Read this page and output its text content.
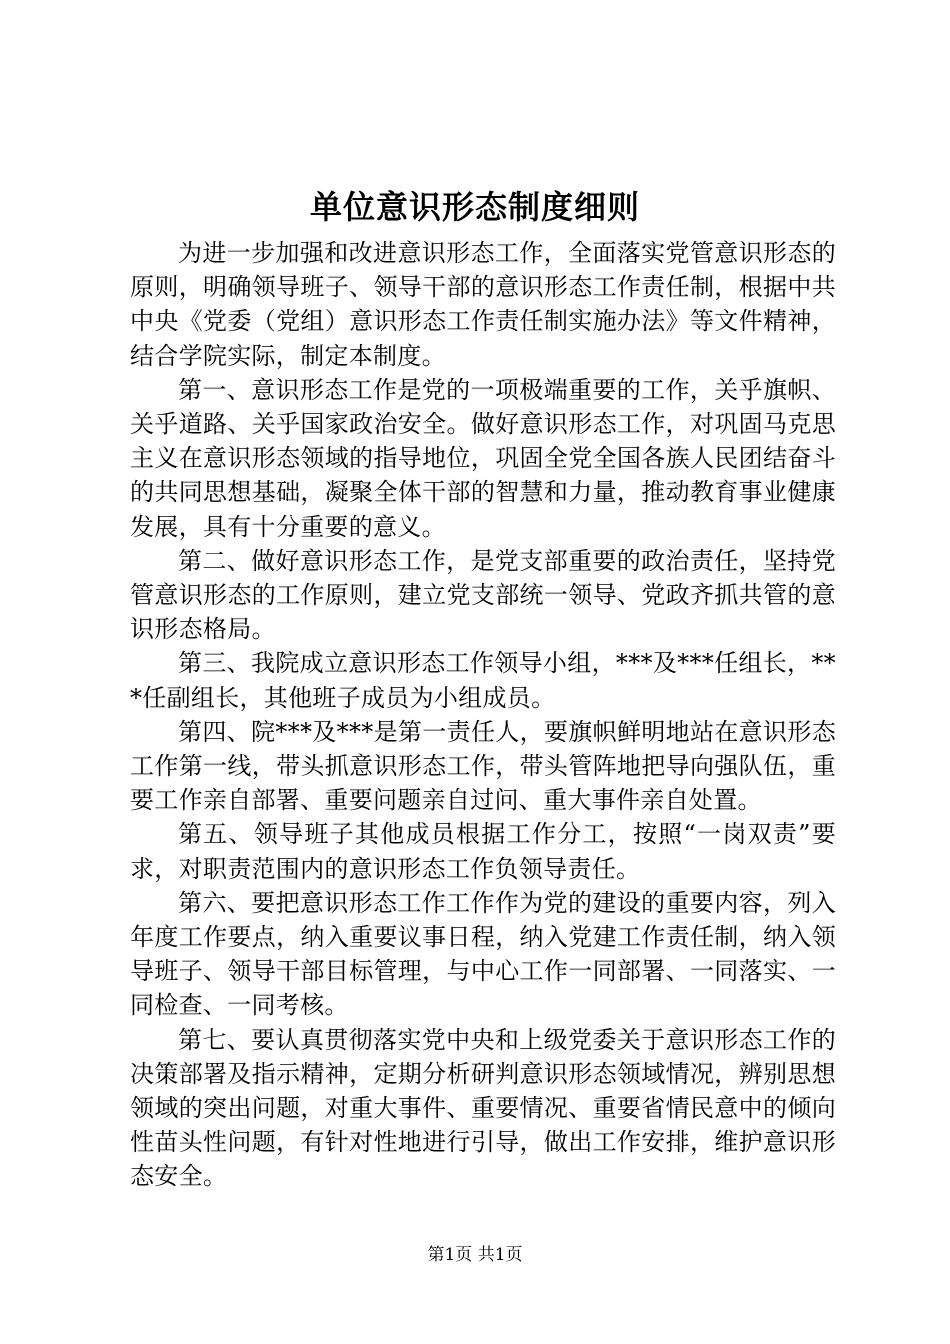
单位意识形态制度细则

为进一步加强和改进意识形态工作，全面落实党管意识形态的原则，明确领导班子、领导干部的意识形态工作责任制，根据中共中央《党委（党组）意识形态工作责任制实施办法》等文件精神，结合学院实际，制定本制度。

第一、意识形态工作是党的一项极端重要的工作，关乎旗帜、关乎道路、关乎国家政治安全。做好意识形态工作，对巩固马克思主义在意识形态领域的指导地位，巩固全党全国各族人民团结奋斗的共同思想基础，凝聚全体干部的智慧和力量，推动教育事业健康发展，具有十分重要的意义。

第二、做好意识形态工作，是党支部重要的政治责任，坚持党管意识形态的工作原则，建立党支部统一领导、党政齐抓共管的意识形态格局。

第三、我院成立意识形态工作领导小组，***及***任组长，***任副组长，其他班子成员为小组成员。

第四、院***及***是第一责任人，要旗帜鲜明地站在意识形态工作第一线，带头抓意识形态工作，带头管阵地把导向强队伍，重要工作亲自部署、重要问题亲自过问、重大事件亲自处置。

第五、领导班子其他成员根据工作分工，按照“一岗双责”要求，对职责范围内的意识形态工作负领导责任。

第六、要把意识形态工作工作作为党的建设的重要内容，列入年度工作要点，纳入重要议事日程，纳入党建工作责任制，纳入领导班子、领导干部目标管理，与中心工作一同部署、一同落实、一同检查、一同考核。

第七、要认真贯彻落实党中央和上级党委关于意识形态工作的决策部署及指示精神，定期分析研判意识形态领域情况，辨别思想领域的突出问题，对重大事件、重要情况、重要省情民意中的倾向性苗头性问题，有针对性地进行引导，做出工作安排，维护意识形态安全。

第1页 共1页
